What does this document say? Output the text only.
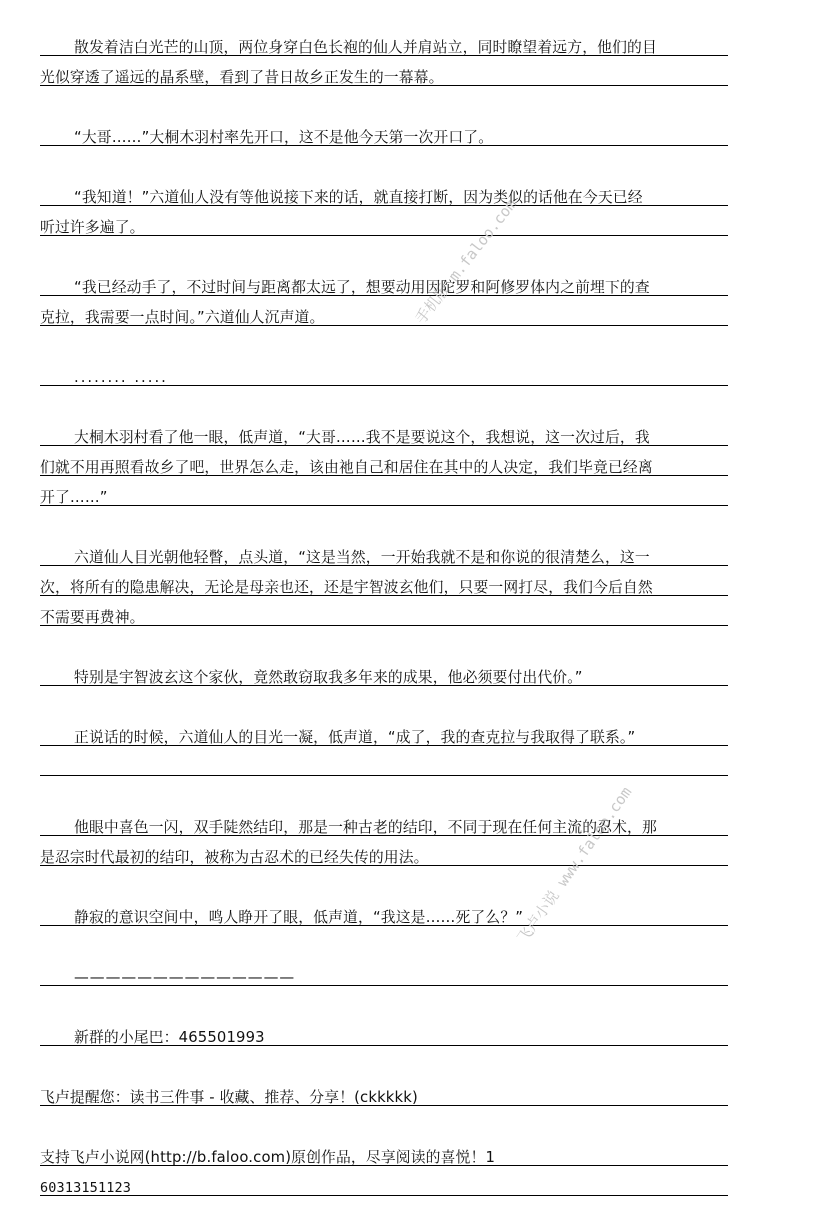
手机版 m.faloo.com
飞卢小说 www.faloo.com
散发着洁白光芒的山顶，两位身穿白色长袍的仙人并肩站立，同时瞭望着远方，他们的目
光似穿透了遥远的晶系壁，看到了昔日故乡正发生的一幕幕。
“大哥……”大桐木羽村率先开口，这不是他今天第一次开口了。
“我知道！”六道仙人没有等他说接下来的话，就直接打断，因为类似的话他在今天已经
听过许多遍了。
“我已经动手了，不过时间与距离都太远了，想要动用因陀罗和阿修罗体内之前埋下的查
克拉，我需要一点时间。”六道仙人沉声道。
........ .....
大桐木羽村看了他一眼，低声道，“大哥……我不是要说这个，我想说，这一次过后，我
们就不用再照看故乡了吧，世界怎么走，该由祂自己和居住在其中的人决定，我们毕竟已经离
开了……”
六道仙人目光朝他轻瞥，点头道，“这是当然，一开始我就不是和你说的很清楚么，这一
次，将所有的隐患解决，无论是母亲也还，还是宇智波玄他们，只要一网打尽，我们今后自然
不需要再费神。
特别是宇智波玄这个家伙，竟然敢窃取我多年来的成果，他必须要付出代价。”
正说话的时候，六道仙人的目光一凝，低声道，“成了，我的查克拉与我取得了联系。”
他眼中喜色一闪，双手陡然结印，那是一种古老的结印，不同于现在任何主流的忍术，那
是忍宗时代最初的结印，被称为古忍术的已经失传的用法。
静寂的意识空间中，鸣人睁开了眼，低声道，“我这是……死了么？”
——————————————
新群的小尾巴：465501993
飞卢提醒您：读书三件事 - 收藏、推荐、分享！(ckkkkk)
支持飞卢小说网(http://b.faloo.com)原创作品，尽享阅读的喜悦！1
60313151123
